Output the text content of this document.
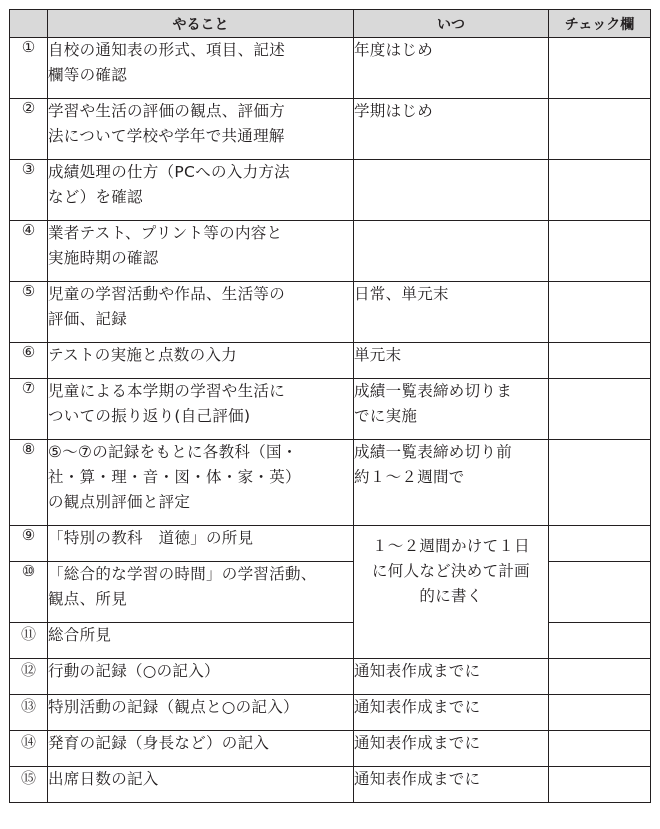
	やること	いつ	チェック欄
①	自校の通知表の形式、項目、記述
欄等の確認	年度はじめ	
②	学習や生活の評価の観点、評価方
法について学校や学年で共通理解	学期はじめ	
③	成績処理の仕方（PCへの入力方法
など）を確認		
④	業者テスト、プリント等の内容と
実施時期の確認		
⑤	児童の学習活動や作品、生活等の
評価、記録	日常、単元末	
⑥	テストの実施と点数の入力	単元末	
⑦	児童による本学期の学習や生活に
ついての振り返り(自己評価)	成績一覧表締め切りま
でに実施	
⑧	⑤〜⑦の記録をもとに各教科（国・
社・算・理・音・図・体・家・英）
の観点別評価と評定	成績一覧表締め切り前
約１〜２週間で	
⑨	「特別の教科　道徳」の所見	１〜２週間かけて１日
に何人など決めて計画
的に書く	
⑩	「総合的な学習の時間」の学習活動、
観点、所見		
⑪	総合所見		
⑫	行動の記録（○の記入）	通知表作成までに	
⑬	特別活動の記録（観点と○の記入）	通知表作成までに	
⑭	発育の記録（身長など）の記入	通知表作成までに	
⑮	出席日数の記入	通知表作成までに	
